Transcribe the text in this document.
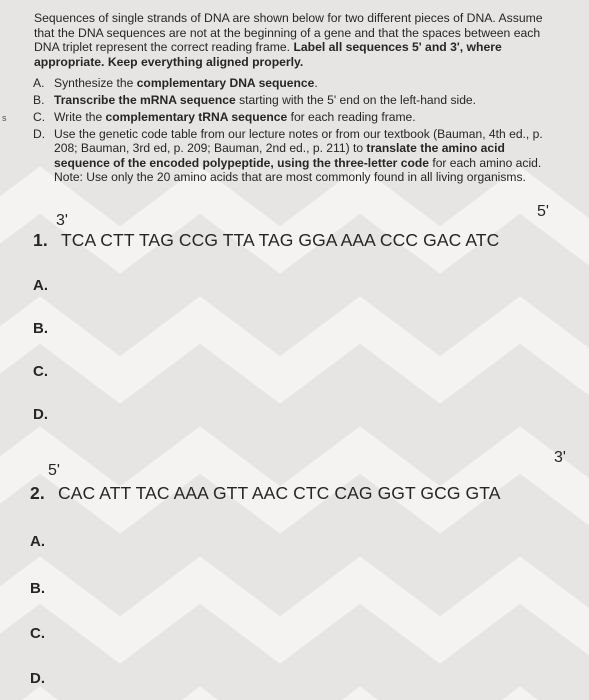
s
Sequences of single strands of DNA are shown below for two different pieces of DNA. Assume that the DNA sequences are not at the beginning of a gene and that the spaces between each DNA triplet represent the correct reading frame. Label all sequences 5' and 3', where appropriate. Keep everything aligned properly.
A. Synthesize the complementary DNA sequence.
B. Transcribe the mRNA sequence starting with the 5' end on the left-hand side.
C. Write the complementary tRNA sequence for each reading frame.
D. Use the genetic code table from our lecture notes or from our textbook (Bauman, 4th ed., p. 208; Bauman, 3rd ed, p. 209; Bauman, 2nd ed., p. 211) to translate the amino acid sequence of the encoded polypeptide, using the three-letter code for each amino acid. Note: Use only the 20 amino acids that are most commonly found in all living organisms.
3'
5'
1. TCA CTT TAG CCG TTA TAG GGA AAA CCC GAC ATC
A.
B.
C.
D.
5'
3'
2. CAC ATT TAC AAA GTT AAC CTC CAG GGT GCG GTA
A.
B.
C.
D.
